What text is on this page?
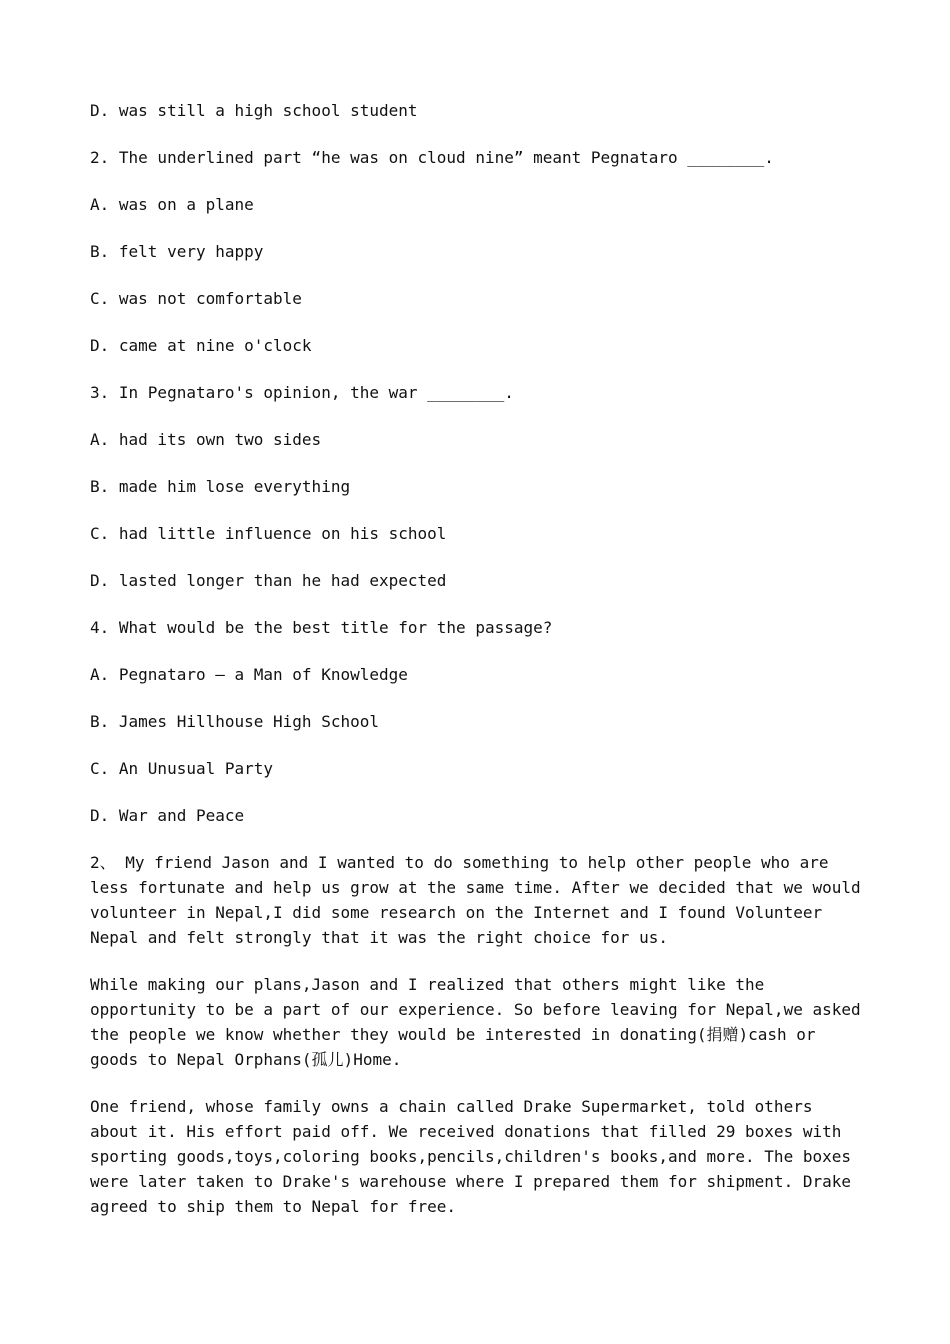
D. was still a high school student
2. The underlined part “he was on cloud nine” meant Pegnataro ________.
A. was on a plane
B. felt very happy
C. was not comfortable
D. came at nine o'clock
3. In Pegnataro's opinion, the war ________.
A. had its own two sides
B. made him lose everything
C. had little influence on his school
D. lasted longer than he had expected
4. What would be the best title for the passage?
A. Pegnataro — a Man of Knowledge
B. James Hillhouse High School
C. An Unusual Party
D. War and Peace
2、 My friend Jason and I wanted to do something to help other people who are
less fortunate and help us grow at the same time. After we decided that we would
volunteer in Nepal,I did some research on the Internet and I found Volunteer
Nepal and felt strongly that it was the right choice for us.
While making our plans,Jason and I realized that others might like the
opportunity to be a part of our experience. So before leaving for Nepal,we asked
the people we know whether they would be interested in donating(捐赠)cash or
goods to Nepal Orphans(孤儿)Home.
One friend, whose family owns a chain called Drake Supermarket, told others
about it. His effort paid off. We received donations that filled 29 boxes with
sporting goods,toys,coloring books,pencils,children's books,and more. The boxes
were later taken to Drake's warehouse where I prepared them for shipment. Drake
agreed to ship them to Nepal for free.
